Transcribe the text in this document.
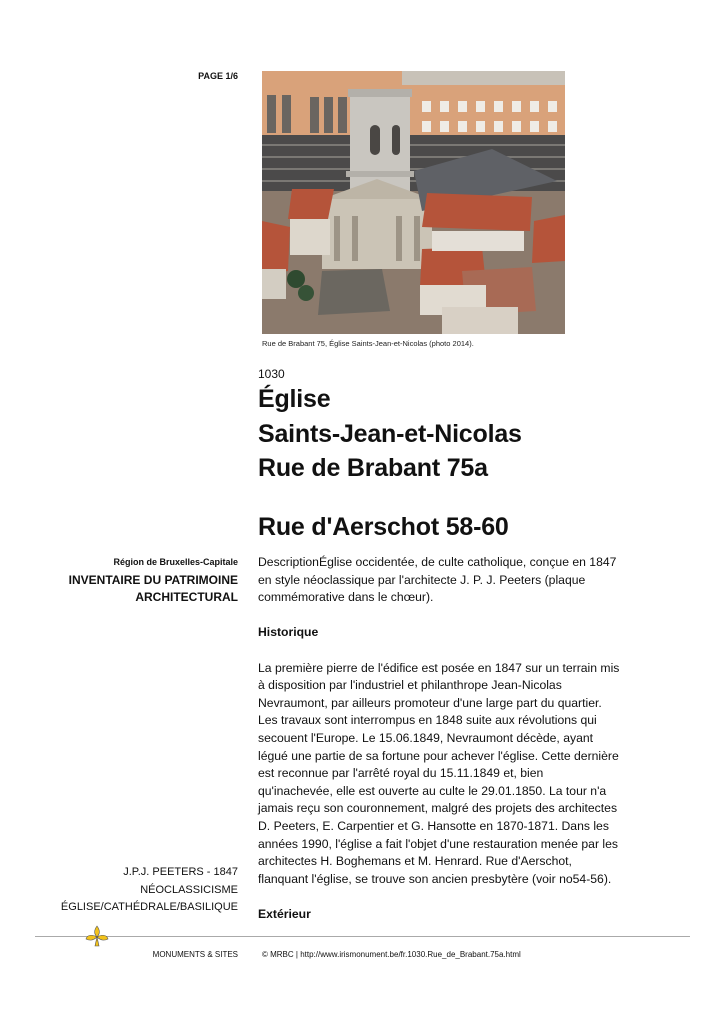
PAGE 1/6
Rue de Brabant 75, Église Saints-Jean-et-Nicolas (photo 2014).
1030
Église
Saints-Jean-et-Nicolas
Rue de Brabant 75a
Rue d'Aerschot 58-60
Région de Bruxelles-Capitale
INVENTAIRE DU PATRIMOINE
ARCHITECTURAL

DescriptionÉglise occidentée, de culte catholique, conçue en 1847 en style néoclassique par l'architecte J. P. J. Peeters (plaque commémorative dans le chœur).

Historique

La première pierre de l'édifice est posée en 1847 sur un terrain mis à disposition par l'industriel et philanthrope Jean-Nicolas Nevraumont, par ailleurs promoteur d'une large part du quartier. Les travaux sont interrompus en 1848 suite aux révolutions qui secouent l'Europe. Le 15.06.1849, Nevraumont décède, ayant légué une partie de sa fortune pour achever l'église. Cette dernière est reconnue par l'arrêté royal du 15.11.1849 et, bien qu'inachevée, elle est ouverte au culte le 29.01.1850. La tour n'a jamais reçu son couronnement, malgré des projets des architectes D. Peeters, E. Carpentier et G. Hansotte en 1870-1871. Dans les années 1990, l'église a fait l'objet d'une restauration menée par les architectes H. Boghemans et M. Henrard. Rue d'Aerschot, flanquant l'église, se trouve son ancien presbytère (voir no54-56).

Extérieur
J.P.J. PEETERS - 1847
NÉOCLASSICISME
ÉGLISE/CATHÉDRALE/BASILIQUE
MONUMENTS & SITES	© MRBC | http://www.irismonument.be/fr.1030.Rue_de_Brabant.75a.html
